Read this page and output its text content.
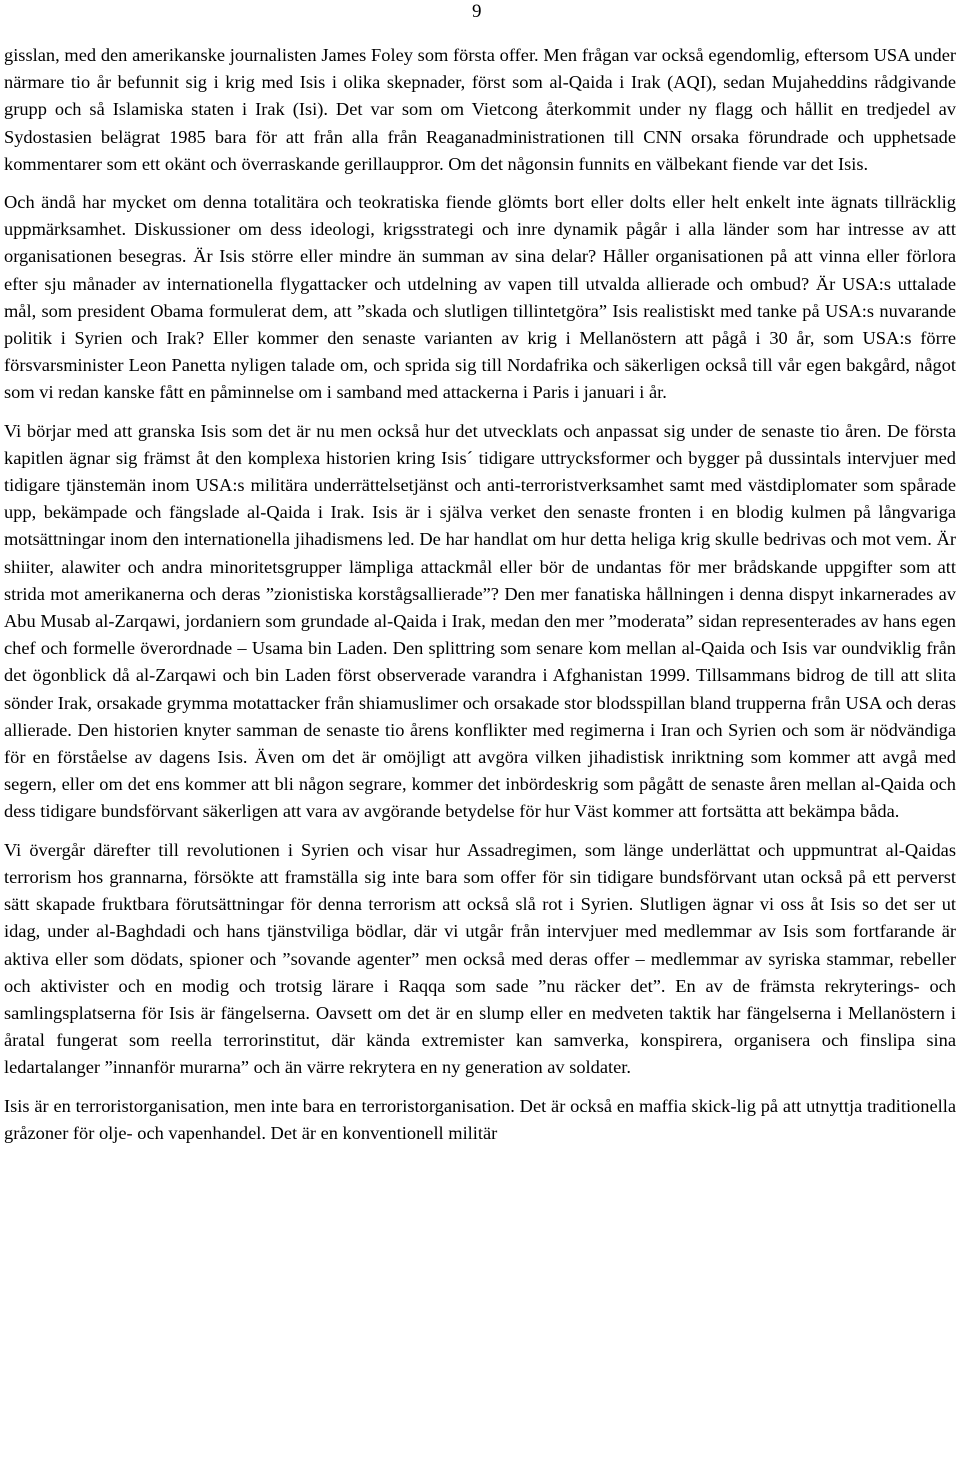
9

gisslan, med den amerikanske journalisten James Foley som första offer. Men frågan var också egendomlig, eftersom USA under närmare tio år befunnit sig i krig med Isis i olika skepnader, först som al-Qaida i Irak (AQI), sedan Mujaheddins rådgivande grupp och så Islamiska staten i Irak (Isi). Det var som om Vietcong återkommit under ny flagg och hållit en tredjedel av Sydostasien belägrat 1985 bara för att från alla från Reaganadministrationen till CNN orsaka förundrade och upphetsade kommentarer som ett okänt och överraskande gerillauppror. Om det någonsin funnits en välbekant fiende var det Isis.

Och ändå har mycket om denna totalitära och teokratiska fiende glömts bort eller dolts eller helt enkelt inte ägnats tillräcklig uppmärksamhet. Diskussioner om dess ideologi, krigsstrategi och inre dynamik pågår i alla länder som har intresse av att organisationen besegras. Är Isis större eller mindre än summan av sina delar? Håller organisationen på att vinna eller förlora efter sju månader av internationella flygattacker och utdelning av vapen till utvalda allierade och ombud? Är USA:s uttalade mål, som president Obama formulerat dem, att ”skada och slutligen tillintetgöra” Isis realistiskt med tanke på USA:s nuvarande politik i Syrien och Irak? Eller kommer den senaste varianten av krig i Mellanöstern att pågå i 30 år, som USA:s förre försvarsminister Leon Panetta nyligen talade om, och sprida sig till Nordafrika och säkerligen också till vår egen bakgård, något som vi redan kanske fått en påminnelse om i samband med attackerna i Paris i januari i år.

Vi börjar med att granska Isis som det är nu men också hur det utvecklats och anpassat sig under de senaste tio åren. De första kapitlen ägnar sig främst åt den komplexa historien kring Isis´ tidigare uttrycksformer och bygger på dussintals intervjuer med tidigare tjänstemän inom USA:s militära underrättelsetjänst och anti-terroristverksamhet samt med västdiplomater som spårade upp, bekämpade och fängslade al-Qaida i Irak. Isis är i själva verket den senaste fronten i en blodig kulmen på långvariga motsättningar inom den internationella jihadismens led. De har handlat om hur detta heliga krig skulle bedrivas och mot vem. Är shiiter, alawiter och andra minoritetsgrupper lämpliga attackmål eller bör de undantas för mer brådskande uppgifter som att strida mot amerikanerna och deras ”zionistiska korstågsallierade”? Den mer fanatiska hållningen i denna dispyt inkarnerades av Abu Musab al-Zarqawi, jordaniern som grundade al-Qaida i Irak, medan den mer ”moderata” sidan representerades av hans egen chef och formelle överordnade – Usama bin Laden. Den splittring som senare kom mellan al-Qaida och Isis var oundviklig från det ögonblick då al-Zarqawi och bin Laden först observerade varandra i Afghanistan 1999. Tillsammans bidrog de till att slita sönder Irak, orsakade grymma motattacker från shiamuslimer och orsakade stor blodsspillan bland trupperna från USA och deras allierade. Den historien knyter samman de senaste tio årens konflikter med regimerna i Iran och Syrien och som är nödvändiga för en förståelse av dagens Isis. Även om det är omöjligt att avgöra vilken jihadistisk inriktning som kommer att avgå med segern, eller om det ens kommer att bli någon segrare, kommer det inbördeskrig som pågått de senaste åren mellan al-Qaida och dess tidigare bundsförvant säkerligen att vara av avgörande betydelse för hur Väst kommer att fortsätta att bekämpa båda.

Vi övergår därefter till revolutionen i Syrien och visar hur Assadregimen, som länge underlättat och uppmuntrat al-Qaidas terrorism hos grannarna, försökte att framställa sig inte bara som offer för sin tidigare bundsförvant utan också på ett perverst sätt skapade fruktbara förutsättningar för denna terrorism att också slå rot i Syrien. Slutligen ägnar vi oss åt Isis so det ser ut idag, under al-Baghdadi och hans tjänstviliga bödlar, där vi utgår från intervjuer med medlemmar av Isis som fortfarande är aktiva eller som dödats, spioner och ”sovande agenter” men också med deras offer – medlemmar av syriska stammar, rebeller och aktivister och en modig och trotsig lärare i Raqqa som sade ”nu räcker det”. En av de främsta rekryterings- och samlingsplatserna för Isis är fängelserna. Oavsett om det är en slump eller en medveten taktik har fängelserna i Mellanöstern i åratal fungerat som reella terrorinstitut, där kända extremister kan samverka, konspirera, organisera och finslipa sina ledartalanger ”innanför murarna” och än värre rekrytera en ny generation av soldater.

Isis är en terroristorganisation, men inte bara en terroristorganisation. Det är också en maffia skick-lig på att utnyttja traditionella gråzoner för olje- och vapenhandel. Det är en konventionell militär
